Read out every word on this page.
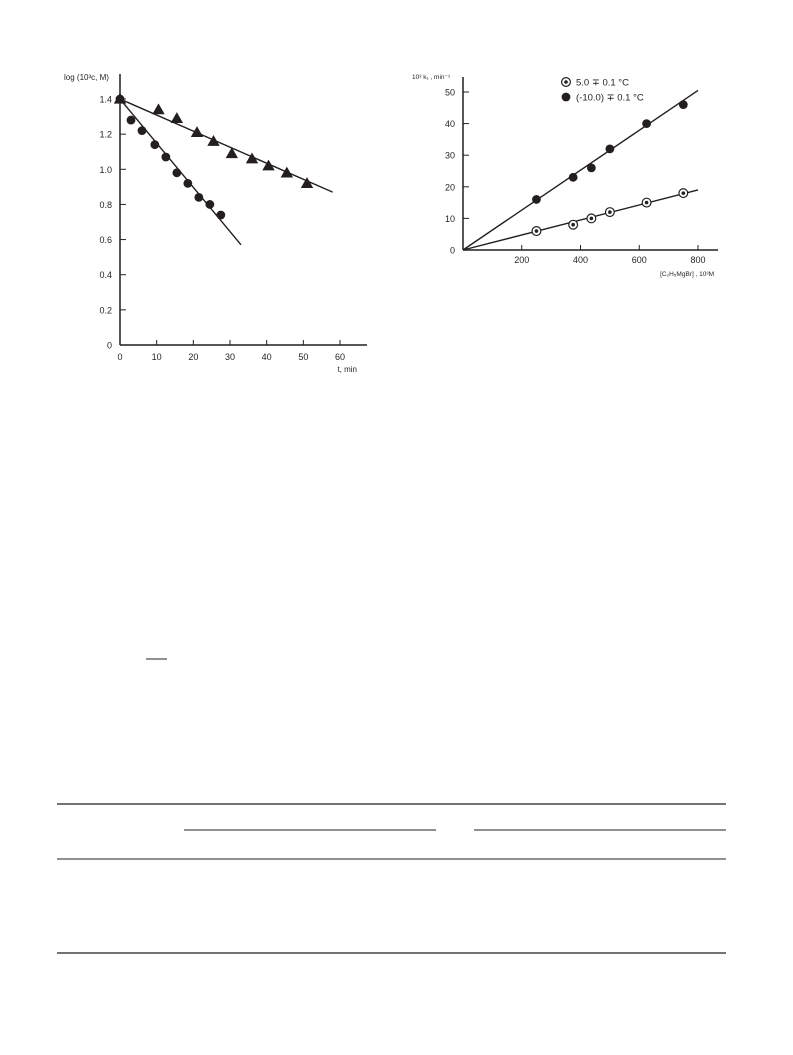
0
0.2
0.4
0.6
0.8
1.0
1.2
1.4
0	10	20	30	40	50	60
log (10³c, M)
t, min
0
10
20
30
40
50
200	400	600	800
10³ k₁ , min⁻¹
[C₂H₅MgBr] , 10³M
5.0 ∓ 0.1 °C
(-10.0) ∓ 0.1 °C
